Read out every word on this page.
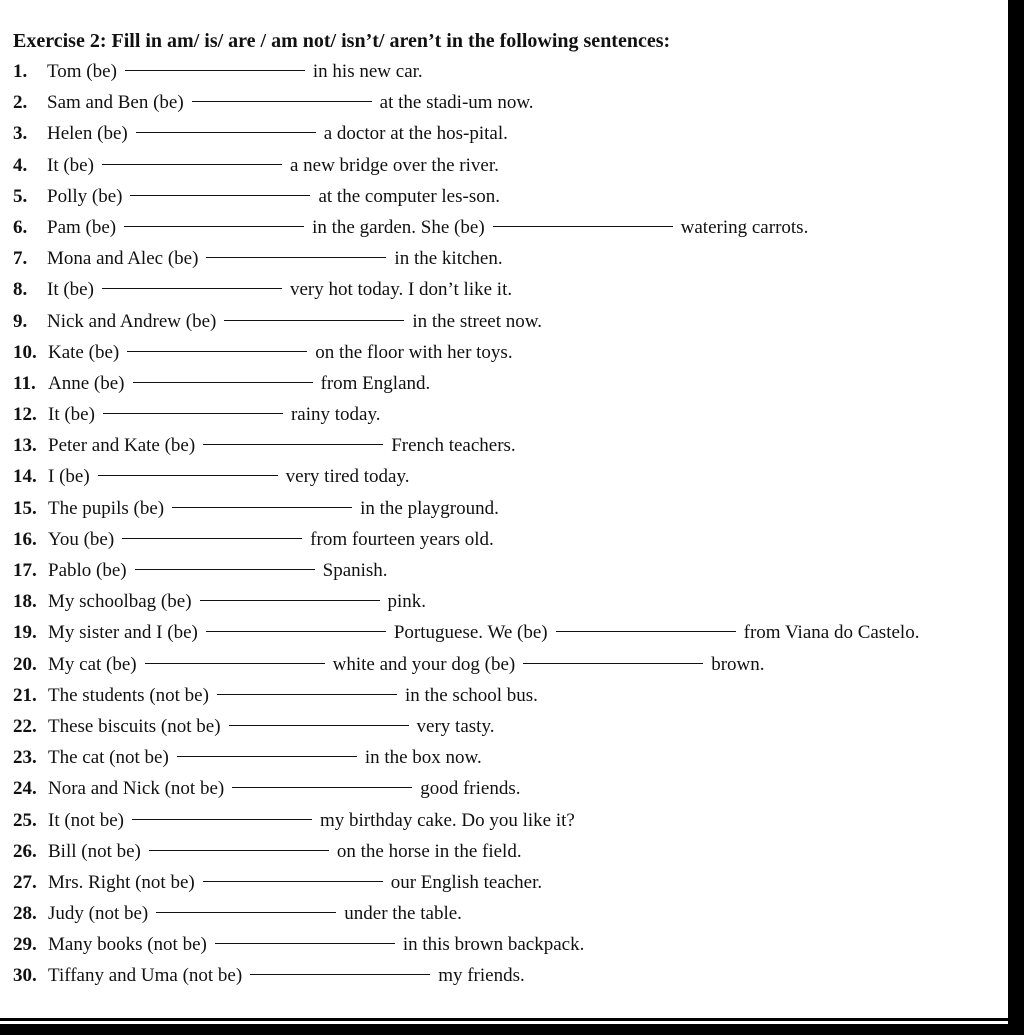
Exercise 2: Fill in am/ is/ are / am not/ isn’t/ aren’t in the following sentences:
1. Tom (be)	in his new car.
2. Sam and Ben (be)	at the stadi-um now.
3. Helen (be)	a doctor at the hos-pital.
4. It (be)	a new bridge over the river.
5. Polly (be)	at the computer les-son.
6. Pam (be)	in the garden. She (be)	watering carrots.
7. Mona and Alec (be)	in the kitchen.
8. It (be)	very hot today. I don’t like it.
9. Nick and Andrew (be)	in the street now.
10. Kate (be)	on the floor with her toys.
11. Anne (be)	from England.
12. It (be)	rainy today.
13. Peter and Kate (be)	French teachers.
14. I (be)	very tired today.
15. The pupils (be)	in the playground.
16. You (be)	from fourteen years old.
17. Pablo (be)	Spanish.
18. My schoolbag (be)	pink.
19. My sister and I (be)	Portuguese. We (be)	from Viana do Castelo.
20. My cat (be)	white and your dog (be)	brown.
21. The students (not be)	in the school bus.
22. These biscuits (not be)	very tasty.
23. The cat (not be)	in the box now.
24. Nora and Nick (not be)	good friends.
25. It (not be)	my birthday cake. Do you like it?
26. Bill (not be)	on the horse in the field.
27. Mrs. Right (not be)	our English teacher.
28. Judy (not be)	under the table.
29. Many books (not be)	in this brown backpack.
30. Tiffany and Uma (not be)	my friends.
